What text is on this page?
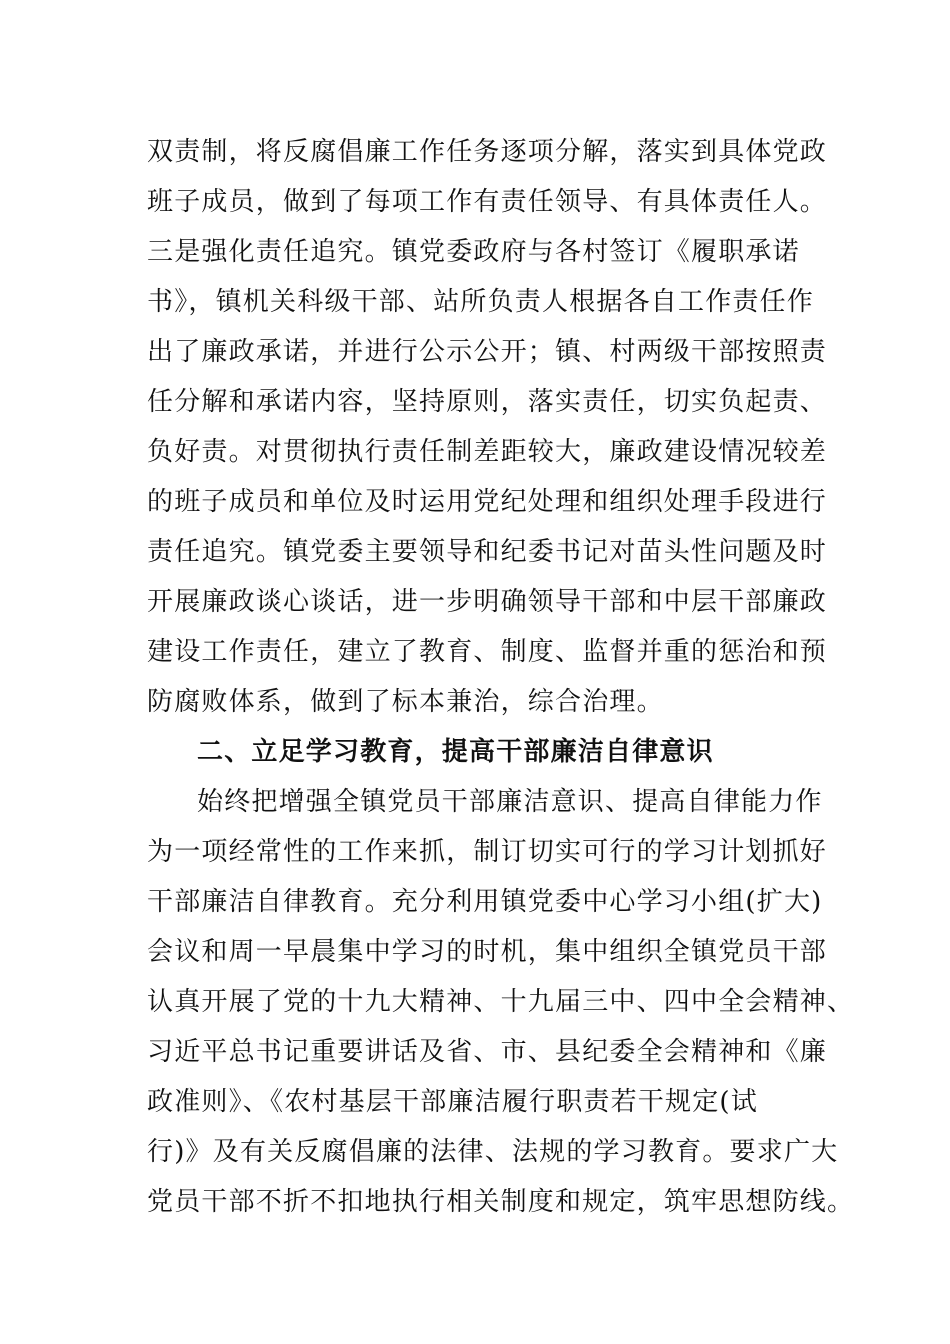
双责制，将反腐倡廉工作任务逐项分解，落实到具体党政
班子成员，做到了每项工作有责任领导、有具体责任人。
三是强化责任追究。镇党委政府与各村签订《履职承诺
书》，镇机关科级干部、站所负责人根据各自工作责任作
出了廉政承诺，并进行公示公开；镇、村两级干部按照责
任分解和承诺内容，坚持原则，落实责任，切实负起责、
负好责。对贯彻执行责任制差距较大，廉政建设情况较差
的班子成员和单位及时运用党纪处理和组织处理手段进行
责任追究。镇党委主要领导和纪委书记对苗头性问题及时
开展廉政谈心谈话，进一步明确领导干部和中层干部廉政
建设工作责任，建立了教育、制度、监督并重的惩治和预
防腐败体系，做到了标本兼治，综合治理。
二、立足学习教育，提高干部廉洁自律意识
始终把增强全镇党员干部廉洁意识、提高自律能力作
为一项经常性的工作来抓，制订切实可行的学习计划抓好
干部廉洁自律教育。充分利用镇党委中心学习小组(扩大)
会议和周一早晨集中学习的时机，集中组织全镇党员干部
认真开展了党的十九大精神、十九届三中、四中全会精神、
习近平总书记重要讲话及省、市、县纪委全会精神和《廉
政准则》、《农村基层干部廉洁履行职责若干规定(试
行)》及有关反腐倡廉的法律、法规的学习教育。要求广大
党员干部不折不扣地执行相关制度和规定，筑牢思想防线。
